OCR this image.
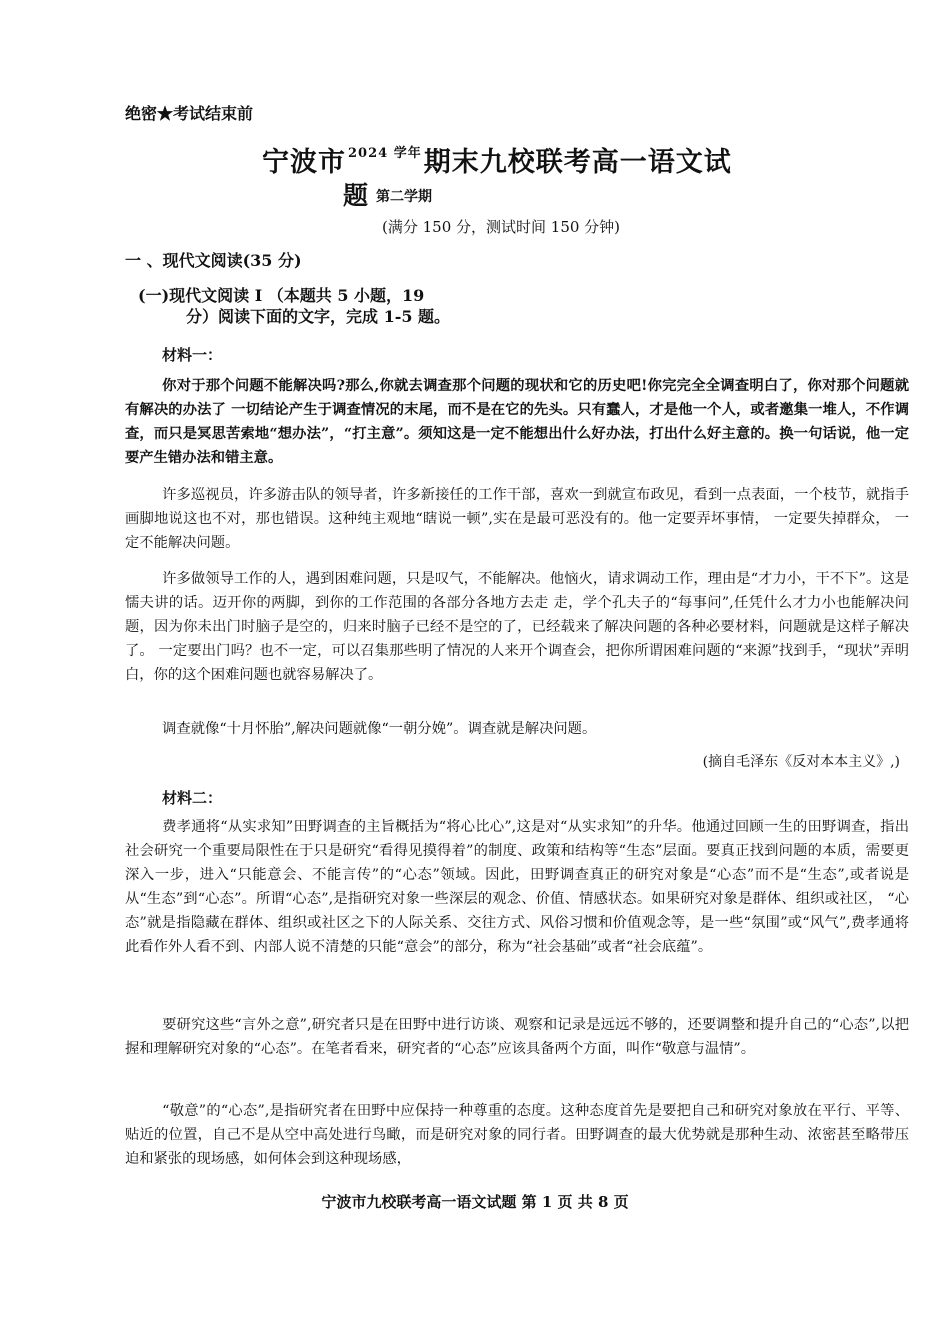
绝密★考试结束前
宁波市 $^{2024 学年}$期末九校联考高一语文试
题第二学期
(满分 150 分，测试时间 150 分钟)
一 、现代文阅读(35 分)
(一)现代文阅读 I （本题共 5 小题，19
分）阅读下面的文字，完成 1-5 题。
材料一：
你对于那个问题不能解决吗?那么,你就去调查那个问题的现状和它的历史吧!你完完全全调查明白了，你对那个问题就有解决的办法了 一切结论产生于调查情况的末尾，而不是在它的先头。只有蠢人，才是他一个人，或者邀集一堆人，不作调查，而只是冥思苦索地“想办法”，“打主意”。须知这是一定不能想出什么好办法，打出什么好主意的。换一句话说，他一定要产生错办法和错主意。
许多巡视员，许多游击队的领导者，许多新接任的工作干部，喜欢一到就宣布政见，看到一点表面，一个枝节，就指手画脚地说这也不对，那也错误。这种纯主观地“瞎说一顿”,实在是最可恶没有的。他一定要弄坏事情， 一定要失掉群众， 一定不能解决问题。
许多做领导工作的人，遇到困难问题，只是叹气，不能解决。他恼火，请求调动工作，理由是“才力小，干不下”。这是懦夫讲的话。迈开你的两脚，到你的工作范围的各部分各地方去走 走，学个孔夫子的“每事问”,任凭什么才力小也能解决问题，因为你未出门时脑子是空的，归来时脑子已经不是空的了，已经载来了解决问题的各种必要材料，问题就是这样子解决了。 一定要出门吗？也不一定，可以召集那些明了情况的人来开个调查会，把你所谓困难问题的“来源”找到手，“现状”弄明白，你的这个困难问题也就容易解决了。
调查就像“十月怀胎”,解决问题就像“一朝分娩”。调查就是解决问题。
(摘自毛泽东《反对本本主义》,)
材料二：
费孝通将“从实求知”田野调查的主旨概括为“将心比心”,这是对“从实求知”的升华。他通过回顾一生的田野调查，指出社会研究一个重要局限性在于只是研究“看得见摸得着”的制度、政策和结构等“生态”层面。要真正找到问题的本质，需要更深入一步，进入“只能意会、不能言传”的“心态”领域。因此，田野调查真正的研究对象是“心态”而不是“生态”,或者说是从“生态”到“心态”。所谓“心态”,是指研究对象一些深层的观念、价值、情感状态。如果研究对象是群体、组织或社区， “心态”就是指隐藏在群体、组织或社区之下的人际关系、交往方式、风俗习惯和价值观念等，是一些“氛围”或“风气”,费孝通将此看作外人看不到、内部人说不清楚的只能“意会”的部分，称为“社会基础”或者“社会底蕴”。
要研究这些“言外之意”,研究者只是在田野中进行访谈、观察和记录是远远不够的，还要调整和提升自己的“心态”,以把握和理解研究对象的“心态”。在笔者看来，研究者的“心态”应该具备两个方面，叫作“敬意与温情”。
“敬意”的“心态”,是指研究者在田野中应保持一种尊重的态度。这种态度首先是要把自己和研究对象放在平行、平等、贴近的位置，自己不是从空中高处进行鸟瞰，而是研究对象的同行者。田野调查的最大优势就是那种生动、浓密甚至略带压迫和紧张的现场感，如何体会到这种现场感，
宁波市九校联考高一语文试题 第 1 页 共 8 页
